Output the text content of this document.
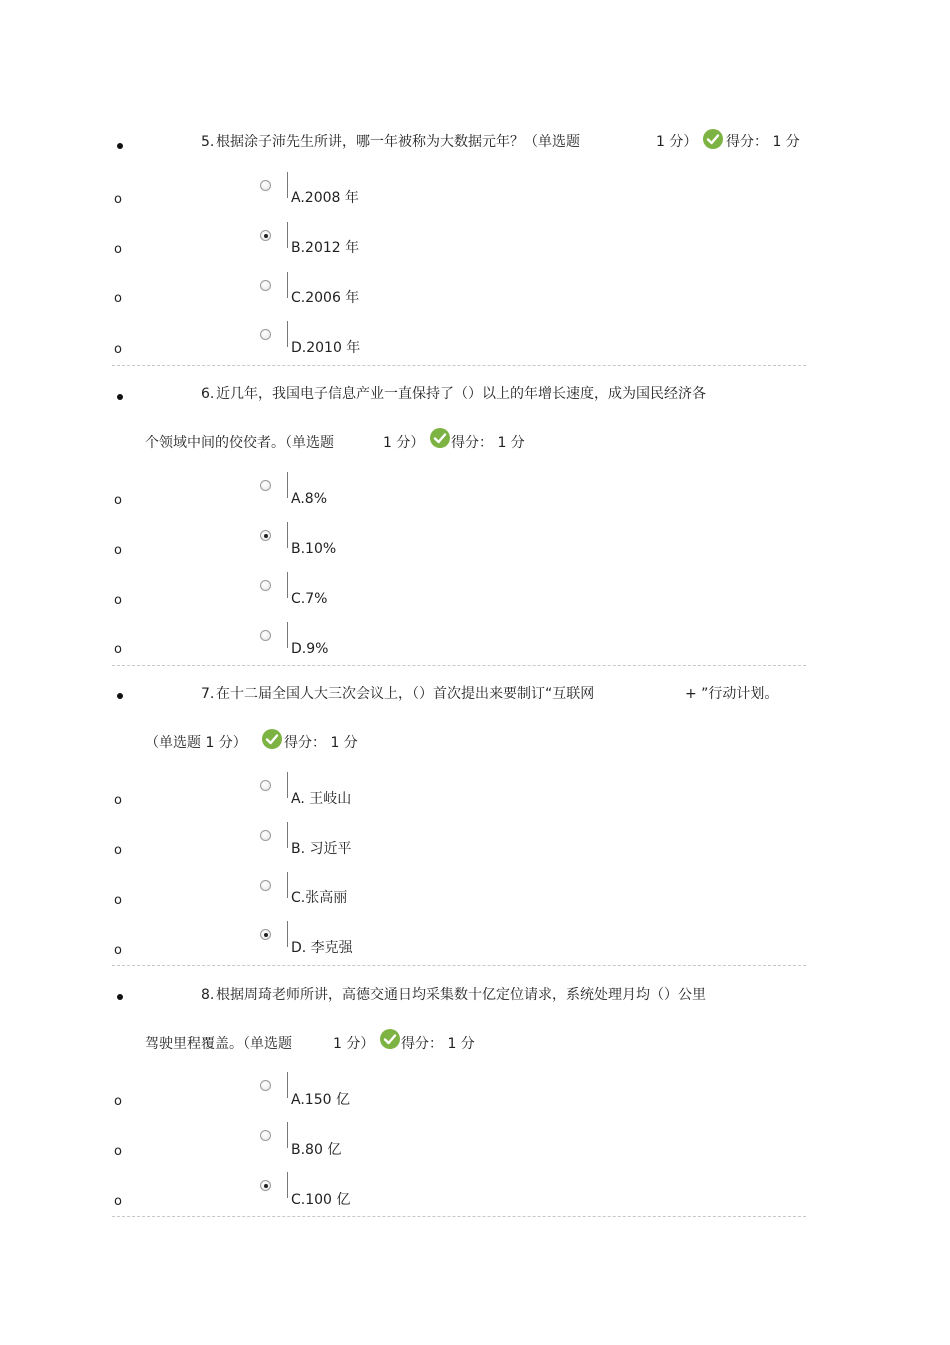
5. 根据涂子沛先生所讲，哪一年被称为大数据元年？（单选题	1 分） 得分： 1 分
o	A.2008 年
o	B.2012 年
o	C.2006 年
o	D.2010 年
6. 近几年，我国电子信息产业一直保持了（）以上的年增长速度，成为国民经济各
个领域中间的佼佼者。（单选题	1 分） 得分： 1 分
o	A.8%
o	B.10%
o	C.7%
o	D.9%
7. 在十二届全国人大三次会议上，（）首次提出来要制订“互联网	+ ”行动计划。
（单选题 1 分）	得分： 1 分
o	A. 王岐山
o	B. 习近平
o	C.张高丽
o	D. 李克强
8. 根据周琦老师所讲，高德交通日均采集数十亿定位请求，系统处理月均（）公里
驾驶里程覆盖。（单选题	1 分） 得分： 1 分
o	A.150 亿
o	B.80 亿
o	C.100 亿
